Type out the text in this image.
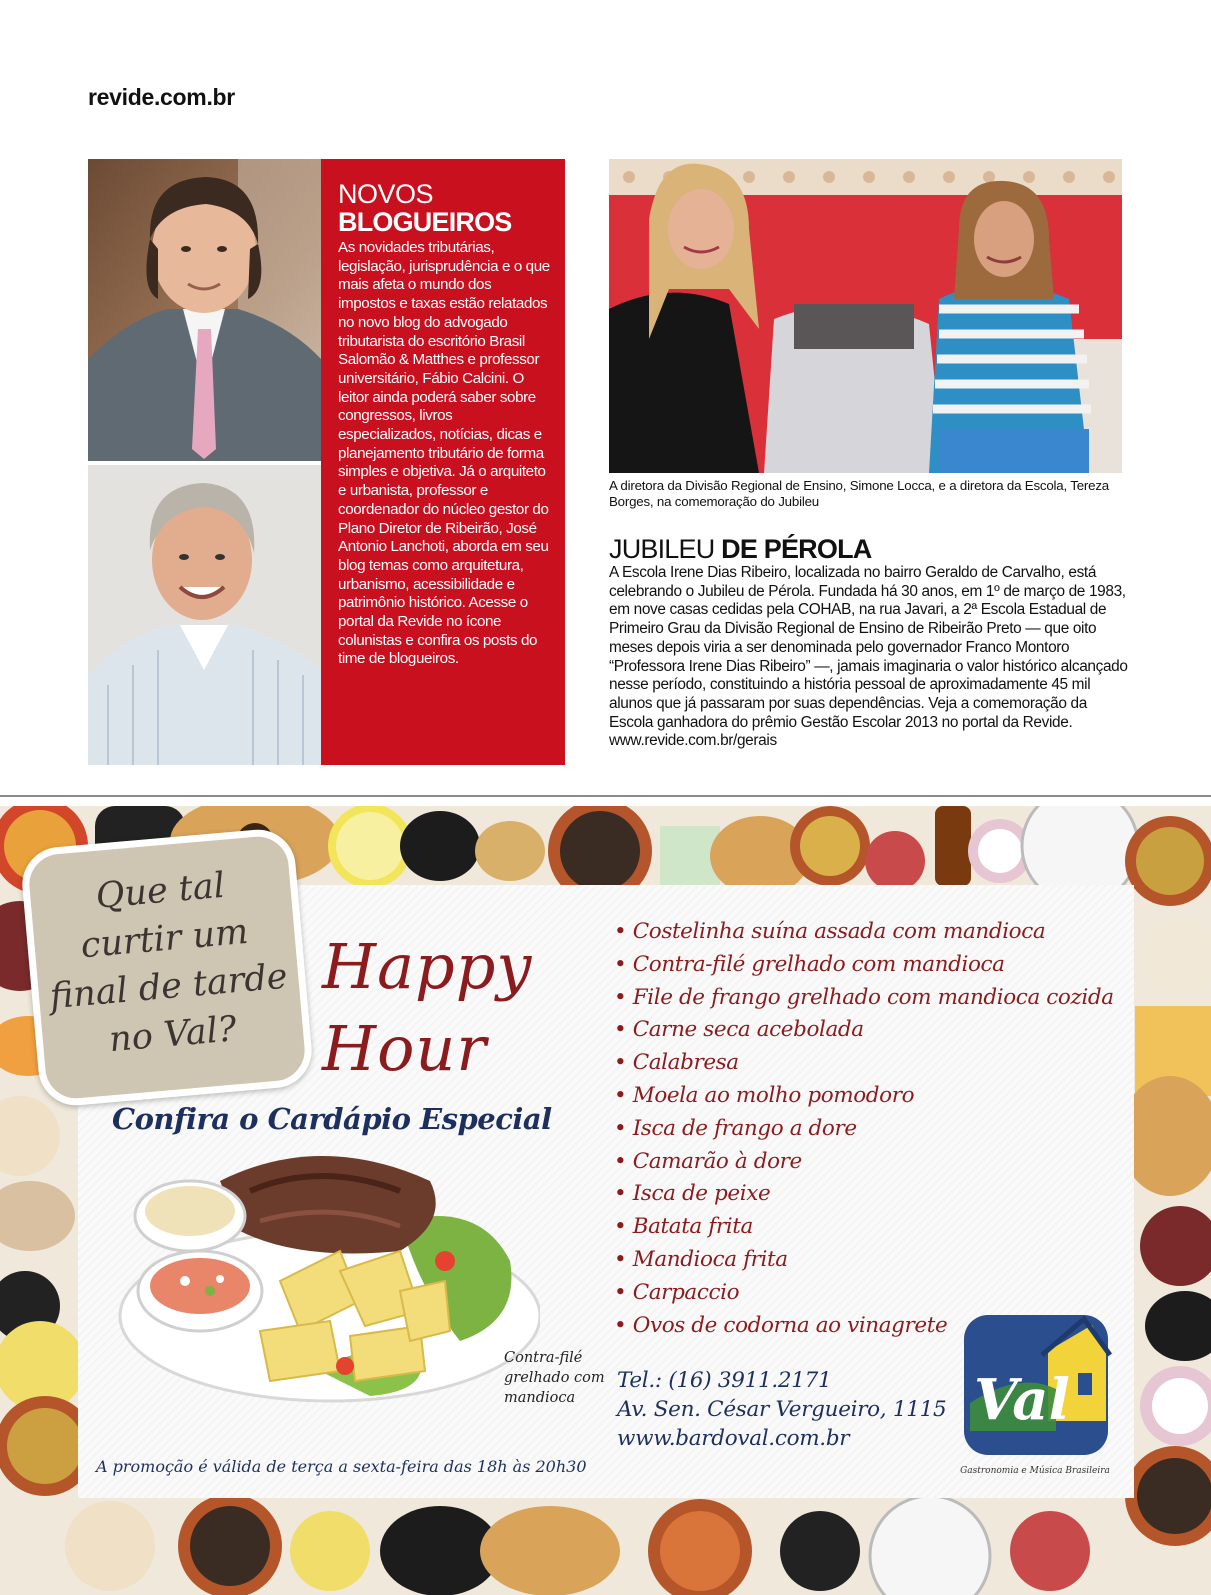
revide.com.br
NOVOS
BLOGUEIROS

As novidades tributárias, legislação, jurisprudência e o que mais afeta o mundo dos impostos e taxas estão relatados no novo blog do advogado tributarista do escritório Brasil Salomão & Matthes e professor universitário, Fábio Calcini. O leitor ainda poderá saber sobre congressos, livros especializados, notícias, dicas e planejamento tributário de forma simples e objetiva. Já o arquiteto e urbanista, professor e coordenador do núcleo gestor do Plano Diretor de Ribeirão, José Antonio Lanchoti, aborda em seu blog temas como arquitetura, urbanismo, acessibilidade e patrimônio histórico. Acesse o portal da Revide no ícone colunistas e confira os posts do time de blogueiros.

A diretora da Divisão Regional de Ensino, Simone Locca, e a diretora da Escola, Tereza Borges, na comemoração do Jubileu
JUBILEU DE PÉROLA

A Escola Irene Dias Ribeiro, localizada no bairro Geraldo de Carvalho, está celebrando o Jubileu de Pérola. Fundada há 30 anos, em 1º de março de 1983, em nove casas cedidas pela COHAB, na rua Javari, a 2ª Escola Estadual de Primeiro Grau da Divisão Regional de Ensino de Ribeirão Preto — que oito meses depois viria a ser denominada pelo governador Franco Montoro “Professora Irene Dias Ribeiro” —, jamais imaginaria o valor histórico alcançado nesse período, constituindo a história pessoal de aproximadamente 45 mil alunos que já passaram por suas dependências. Veja a comemoração da Escola ganhadora do prêmio Gestão Escolar 2013 no portal da Revide. www.revide.com.br/gerais

Que tal
curtir um
final de tarde
no Val?
Happy
Hour
Confira o Cardápio Especial
• Costelinha suína assada com mandioca
• Contra-filé grelhado com mandioca
• File de frango grelhado com mandioca cozida
• Carne seca acebolada
• Calabresa
• Moela ao molho pomodoro
• Isca de frango a dore
• Camarão à dore
• Isca de peixe
• Batata frita
• Mandioca frita
• Carpaccio
• Ovos de codorna ao vinagrete
Contra-filé
grelhado com
mandioca
A promoção é válida de terça a sexta-feira das 18h às 20h30
Tel.: (16) 3911.2171
Av. Sen. César Vergueiro, 1115
www.bardoval.com.br
Val
Gastronomia e Música Brasileira
